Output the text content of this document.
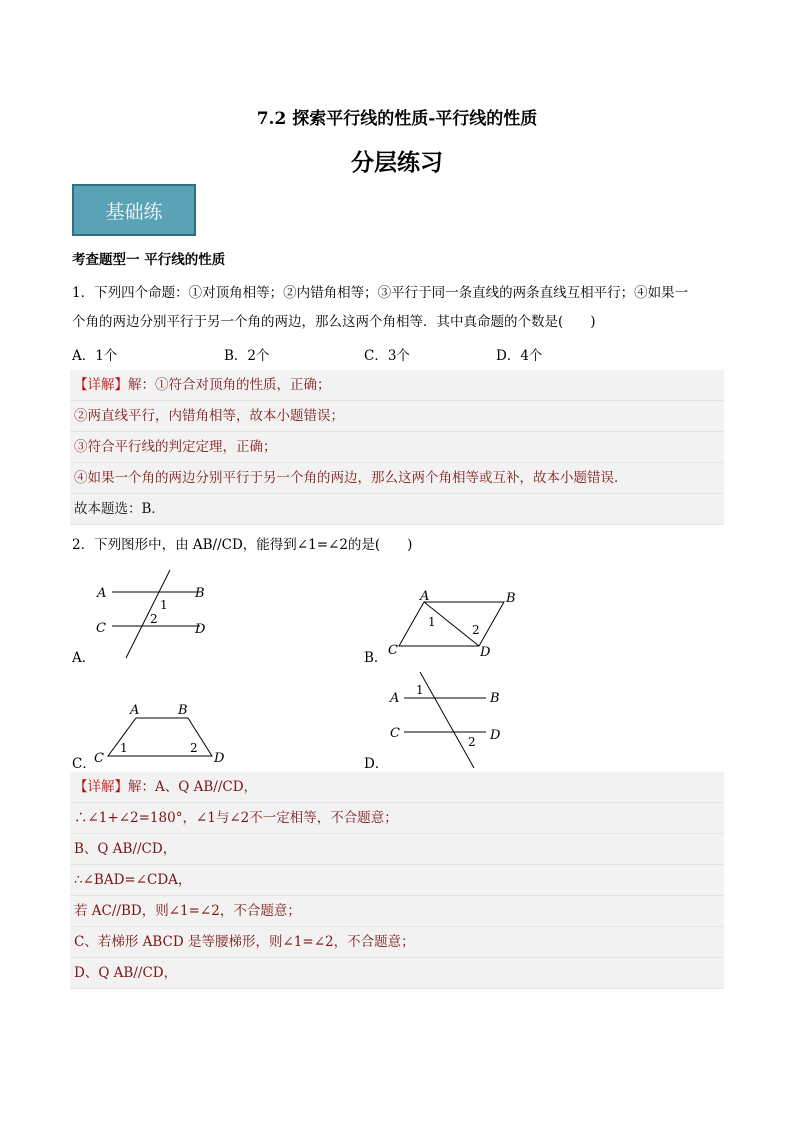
7.2 探索平行线的性质-平行线的性质
分层练习
基础练
考查题型一 平行线的性质
1．下列四个命题：①对顶角相等；②内错角相等；③平行于同一条直线的两条直线互相平行；④如果一
个角的两边分别平行于另一个角的两边，那么这两个角相等．其中真命题的个数是(　　)
A．1个	B．2个	C．3个	D．4个
【详解】解：①符合对顶角的性质，正确；
②两直线平行，内错角相等，故本小题错误；
③符合平行线的判定定理，正确；
④如果一个角的两边分别平行于另一个角的两边，那么这两个角相等或互补，故本小题错误．
故本题选：B．
2．下列图形中，由 AB//CD，能得到∠1=∠2的是(　　)
A	B
C	D
1
2
A．
A	B
C	D
1
2
B．
A	B
C	D
1	2
C．
A	B
C	D
1
2
D．
【详解】解：A、Q AB//CD，
∴∠1+∠2=180°，∠1与∠2不一定相等，不合题意；
B、Q AB//CD，
∴∠BAD=∠CDA，
若 AC//BD，则∠1=∠2，不合题意；
C、若梯形 ABCD 是等腰梯形，则∠1=∠2，不合题意；
D、Q AB//CD，
